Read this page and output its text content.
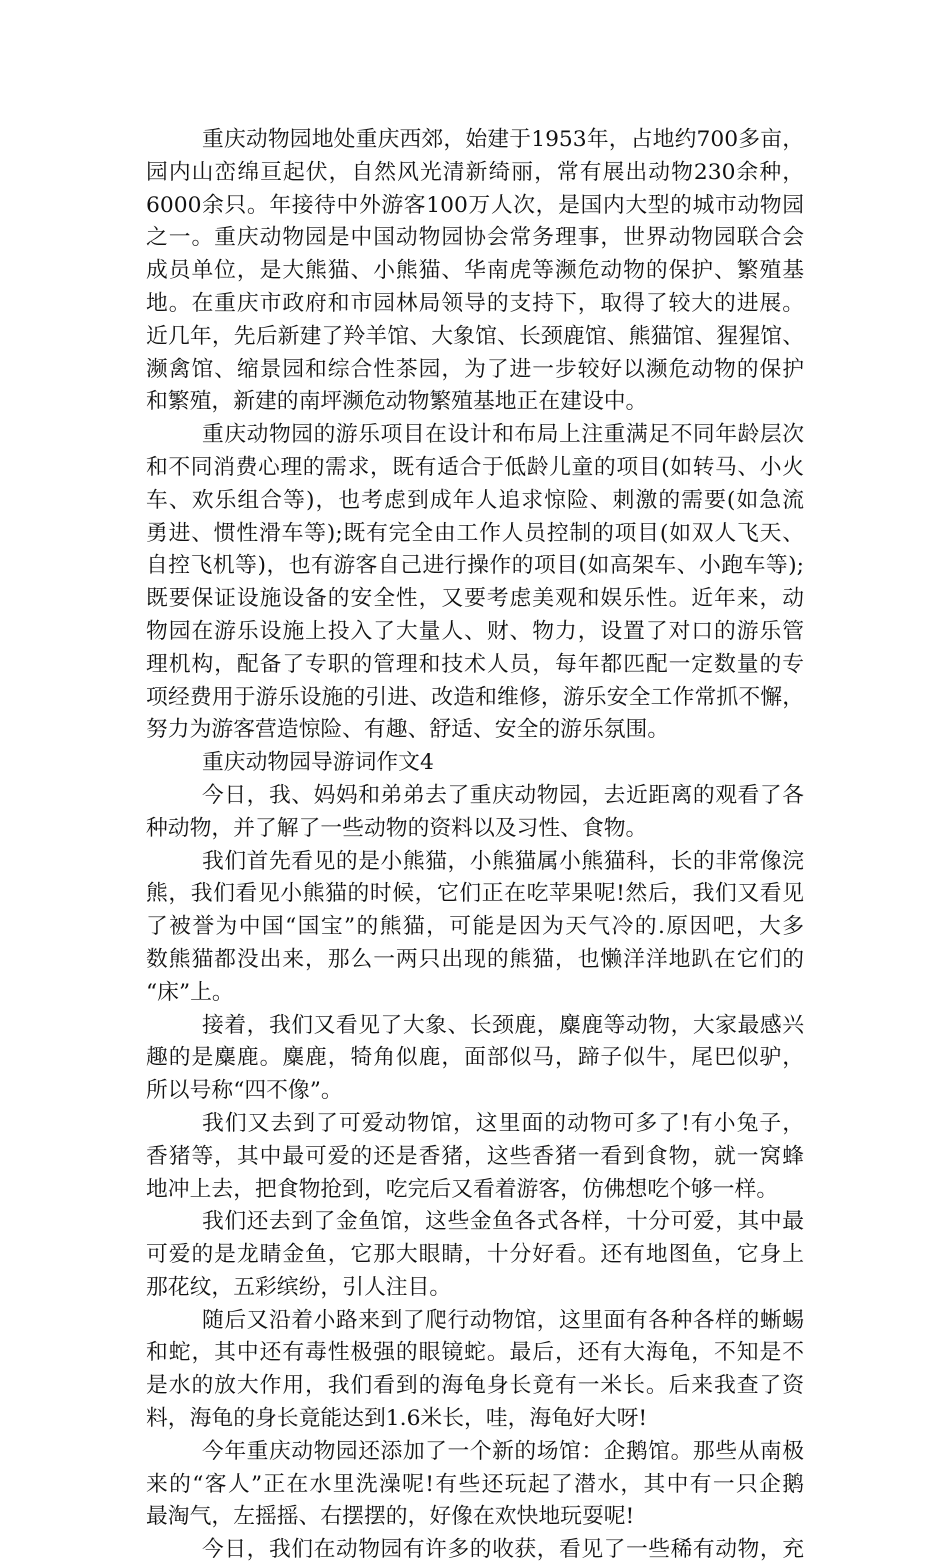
重庆动物园地处重庆西郊，始建于1953年，占地约700多亩，
园内山峦绵亘起伏，自然风光清新绮丽，常有展出动物230余种，
6000余只。年接待中外游客100万人次，是国内大型的城市动物园
之一。重庆动物园是中国动物园协会常务理事，世界动物园联合会
成员单位，是大熊猫、小熊猫、华南虎等濒危动物的保护、繁殖基
地。在重庆市政府和市园林局领导的支持下，取得了较大的进展。
近几年，先后新建了羚羊馆、大象馆、长颈鹿馆、熊猫馆、猩猩馆、
濒禽馆、缩景园和综合性茶园，为了进一步较好以濒危动物的保护
和繁殖，新建的南坪濒危动物繁殖基地正在建设中。
重庆动物园的游乐项目在设计和布局上注重满足不同年龄层次
和不同消费心理的需求，既有适合于低龄儿童的项目(如转马、小火
车、欢乐组合等)，也考虑到成年人追求惊险、刺激的需要(如急流
勇进、惯性滑车等);既有完全由工作人员控制的项目(如双人飞天、
自控飞机等)，也有游客自己进行操作的项目(如高架车、小跑车等);
既要保证设施设备的安全性，又要考虑美观和娱乐性。近年来，动
物园在游乐设施上投入了大量人、财、物力，设置了对口的游乐管
理机构，配备了专职的管理和技术人员，每年都匹配一定数量的专
项经费用于游乐设施的引进、改造和维修，游乐安全工作常抓不懈，
努力为游客营造惊险、有趣、舒适、安全的游乐氛围。
重庆动物园导游词作文4
今日，我、妈妈和弟弟去了重庆动物园，去近距离的观看了各
种动物，并了解了一些动物的资料以及习性、食物。
我们首先看见的是小熊猫，小熊猫属小熊猫科，长的非常像浣
熊，我们看见小熊猫的时候，它们正在吃苹果呢!然后，我们又看见
了被誉为中国“国宝”的熊猫，可能是因为天气冷的.原因吧，大多
数熊猫都没出来，那么一两只出现的熊猫，也懒洋洋地趴在它们的
“床”上。
接着，我们又看见了大象、长颈鹿，麋鹿等动物，大家最感兴
趣的是麋鹿。麋鹿，犄角似鹿，面部似马，蹄子似牛，尾巴似驴，
所以号称“四不像”。
我们又去到了可爱动物馆，这里面的动物可多了!有小兔子，
香猪等，其中最可爱的还是香猪，这些香猪一看到食物，就一窝蜂
地冲上去，把食物抢到，吃完后又看着游客，仿佛想吃个够一样。
我们还去到了金鱼馆，这些金鱼各式各样，十分可爱，其中最
可爱的是龙睛金鱼，它那大眼睛，十分好看。还有地图鱼，它身上
那花纹，五彩缤纷，引人注目。
随后又沿着小路来到了爬行动物馆，这里面有各种各样的蜥蜴
和蛇，其中还有毒性极强的眼镜蛇。最后，还有大海龟，不知是不
是水的放大作用，我们看到的海龟身长竟有一米长。后来我查了资
料，海龟的身长竟能达到1.6米长，哇，海龟好大呀!
今年重庆动物园还添加了一个新的场馆：企鹅馆。那些从南极
来的“客人”正在水里洗澡呢!有些还玩起了潜水，其中有一只企鹅
最淘气，左摇摇、右摆摆的，好像在欢快地玩耍呢!
今日，我们在动物园有许多的收获，看见了一些稀有动物，充
